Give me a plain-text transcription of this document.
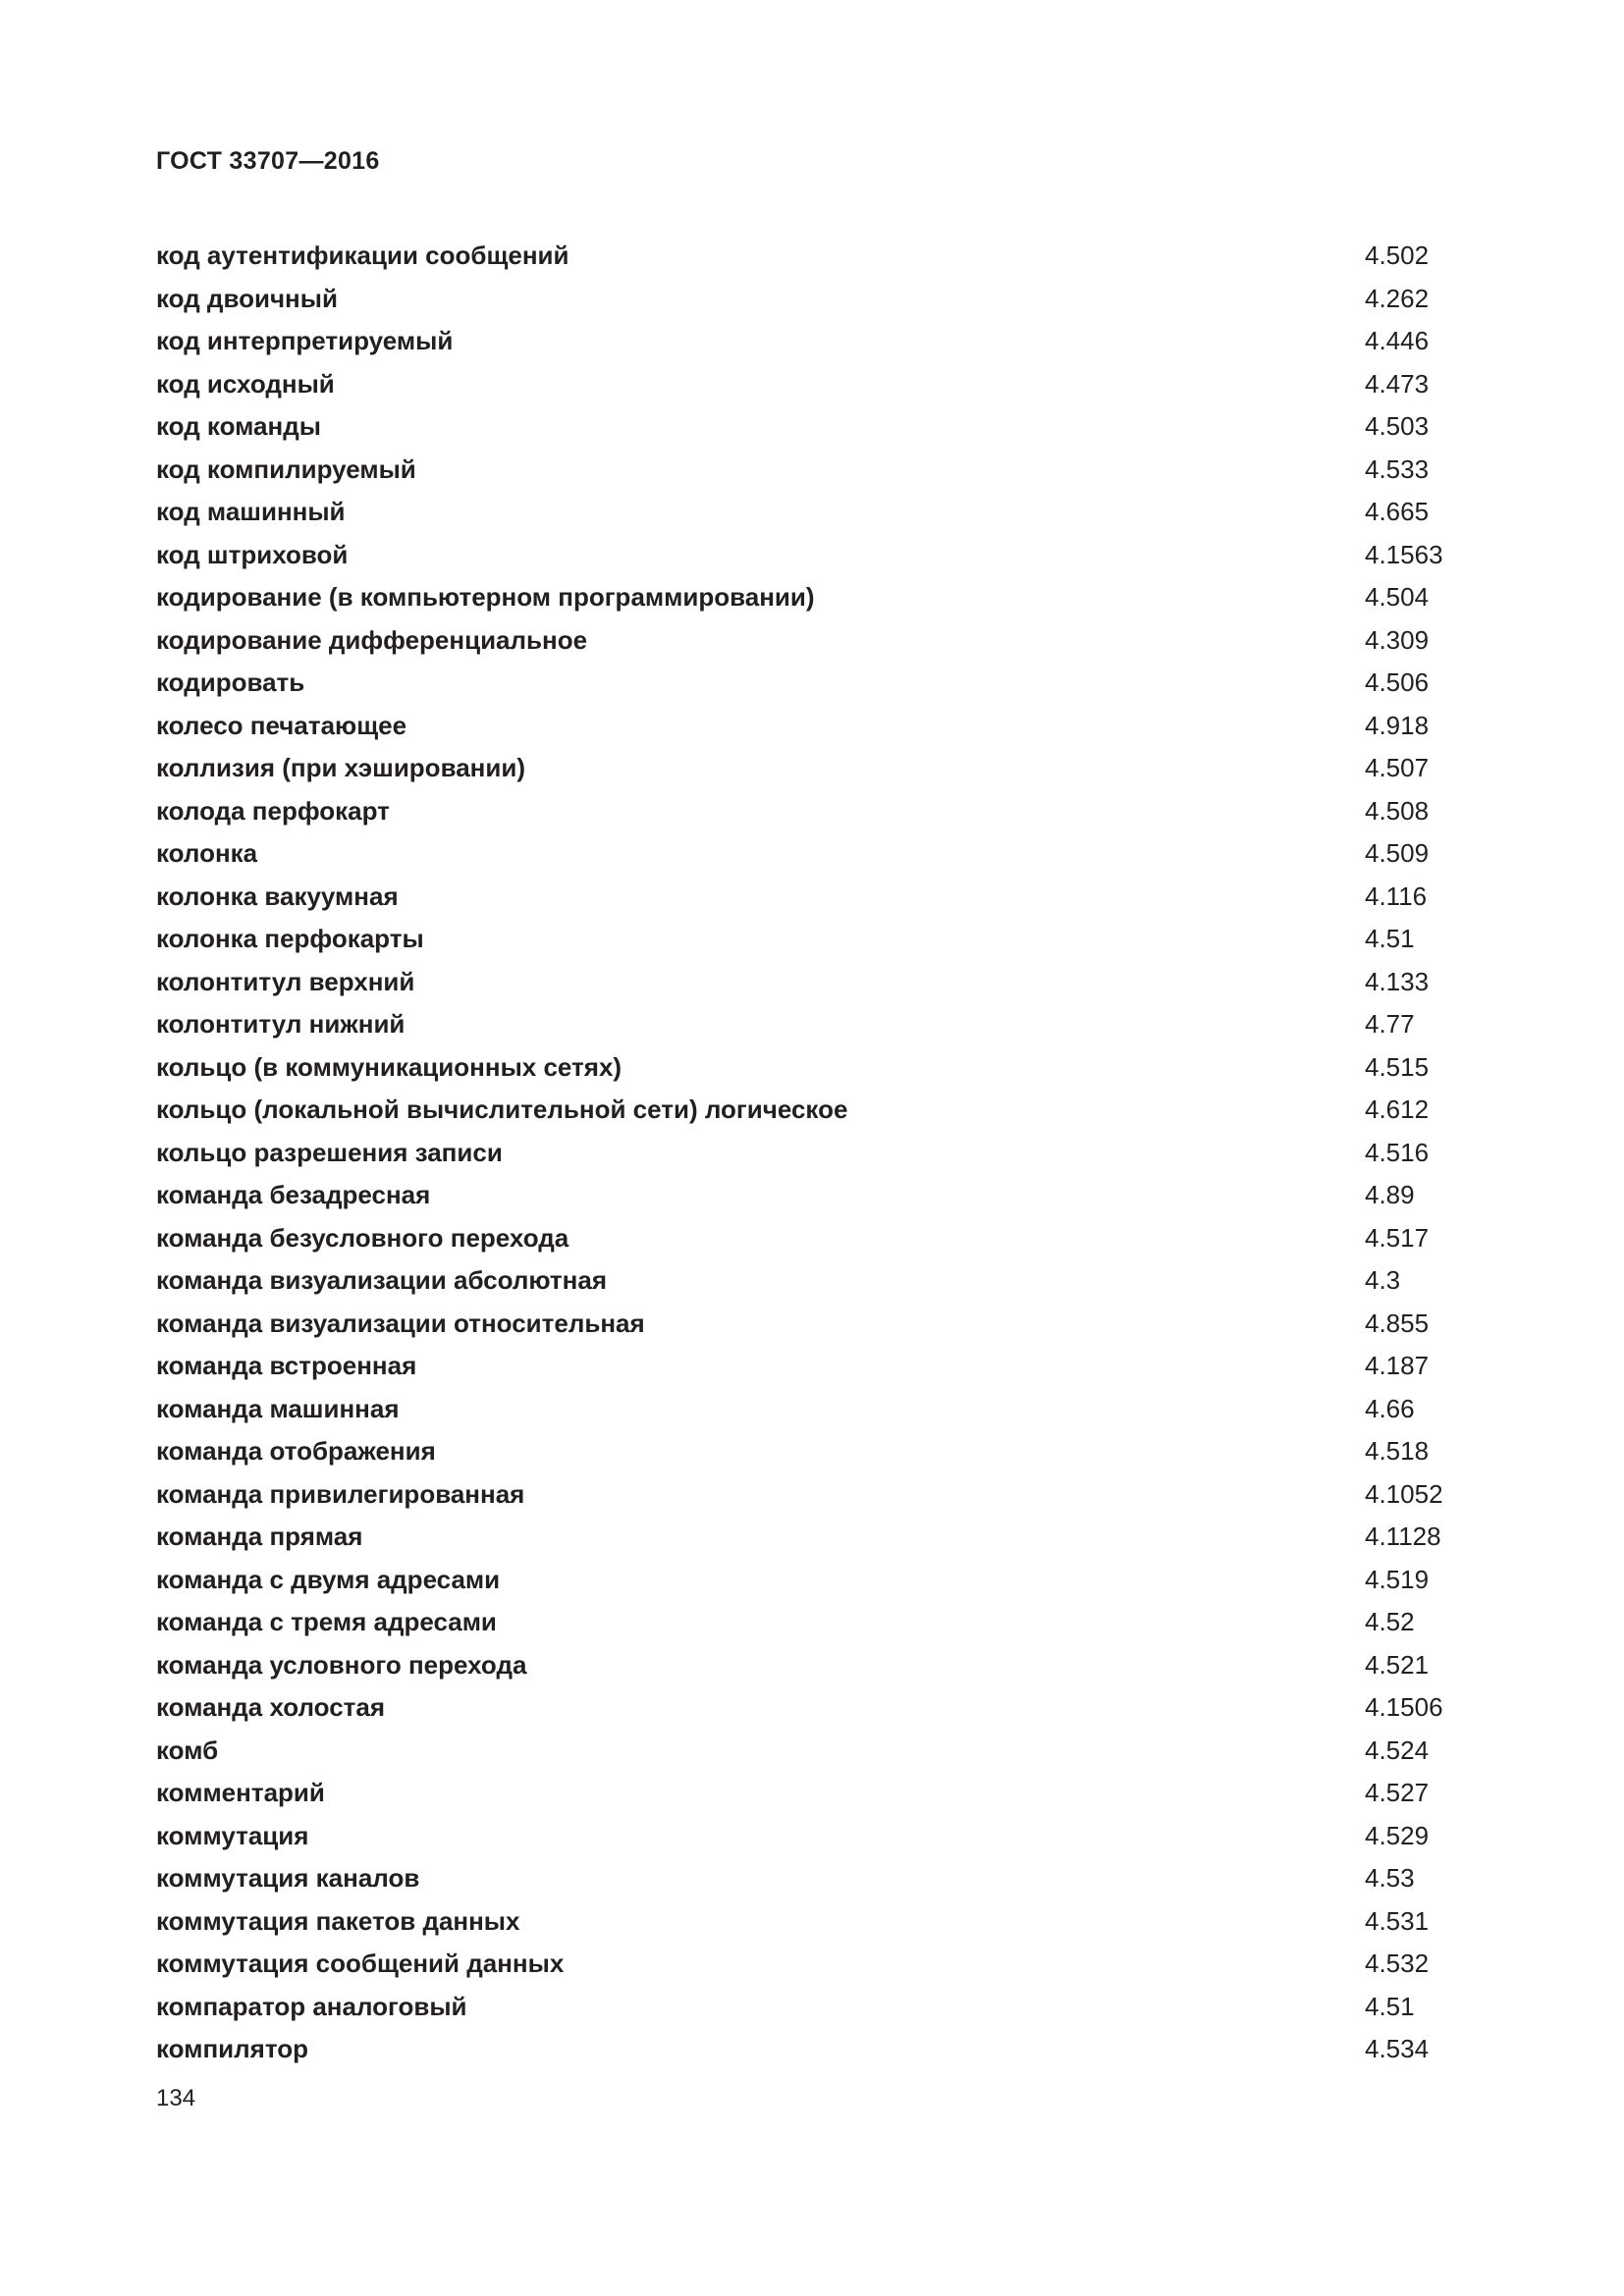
ГОСТ 33707—2016
код аутентификации сообщений	4.502
код двоичный	4.262
код интерпретируемый	4.446
код исходный	4.473
код команды	4.503
код компилируемый	4.533
код машинный	4.665
код штриховой	4.1563
кодирование (в компьютерном программировании)	4.504
кодирование дифференциальное	4.309
кодировать	4.506
колесо печатающее	4.918
коллизия (при хэшировании)	4.507
колода перфокарт	4.508
колонка	4.509
колонка вакуумная	4.116
колонка перфокарты	4.51
колонтитул верхний	4.133
колонтитул нижний	4.77
кольцо (в коммуникационных сетях)	4.515
кольцо (локальной вычислительной сети) логическое	4.612
кольцо разрешения записи	4.516
команда безадресная	4.89
команда безусловного перехода	4.517
команда визуализации абсолютная	4.3
команда визуализации относительная	4.855
команда встроенная	4.187
команда машинная	4.66
команда отображения	4.518
команда привилегированная	4.1052
команда прямая	4.1128
команда с двумя адресами	4.519
команда с тремя адресами	4.52
команда условного перехода	4.521
команда холостая	4.1506
комб	4.524
комментарий	4.527
коммутация	4.529
коммутация каналов	4.53
коммутация пакетов данных	4.531
коммутация сообщений данных	4.532
компаратор аналоговый	4.51
компилятор	4.534
134
